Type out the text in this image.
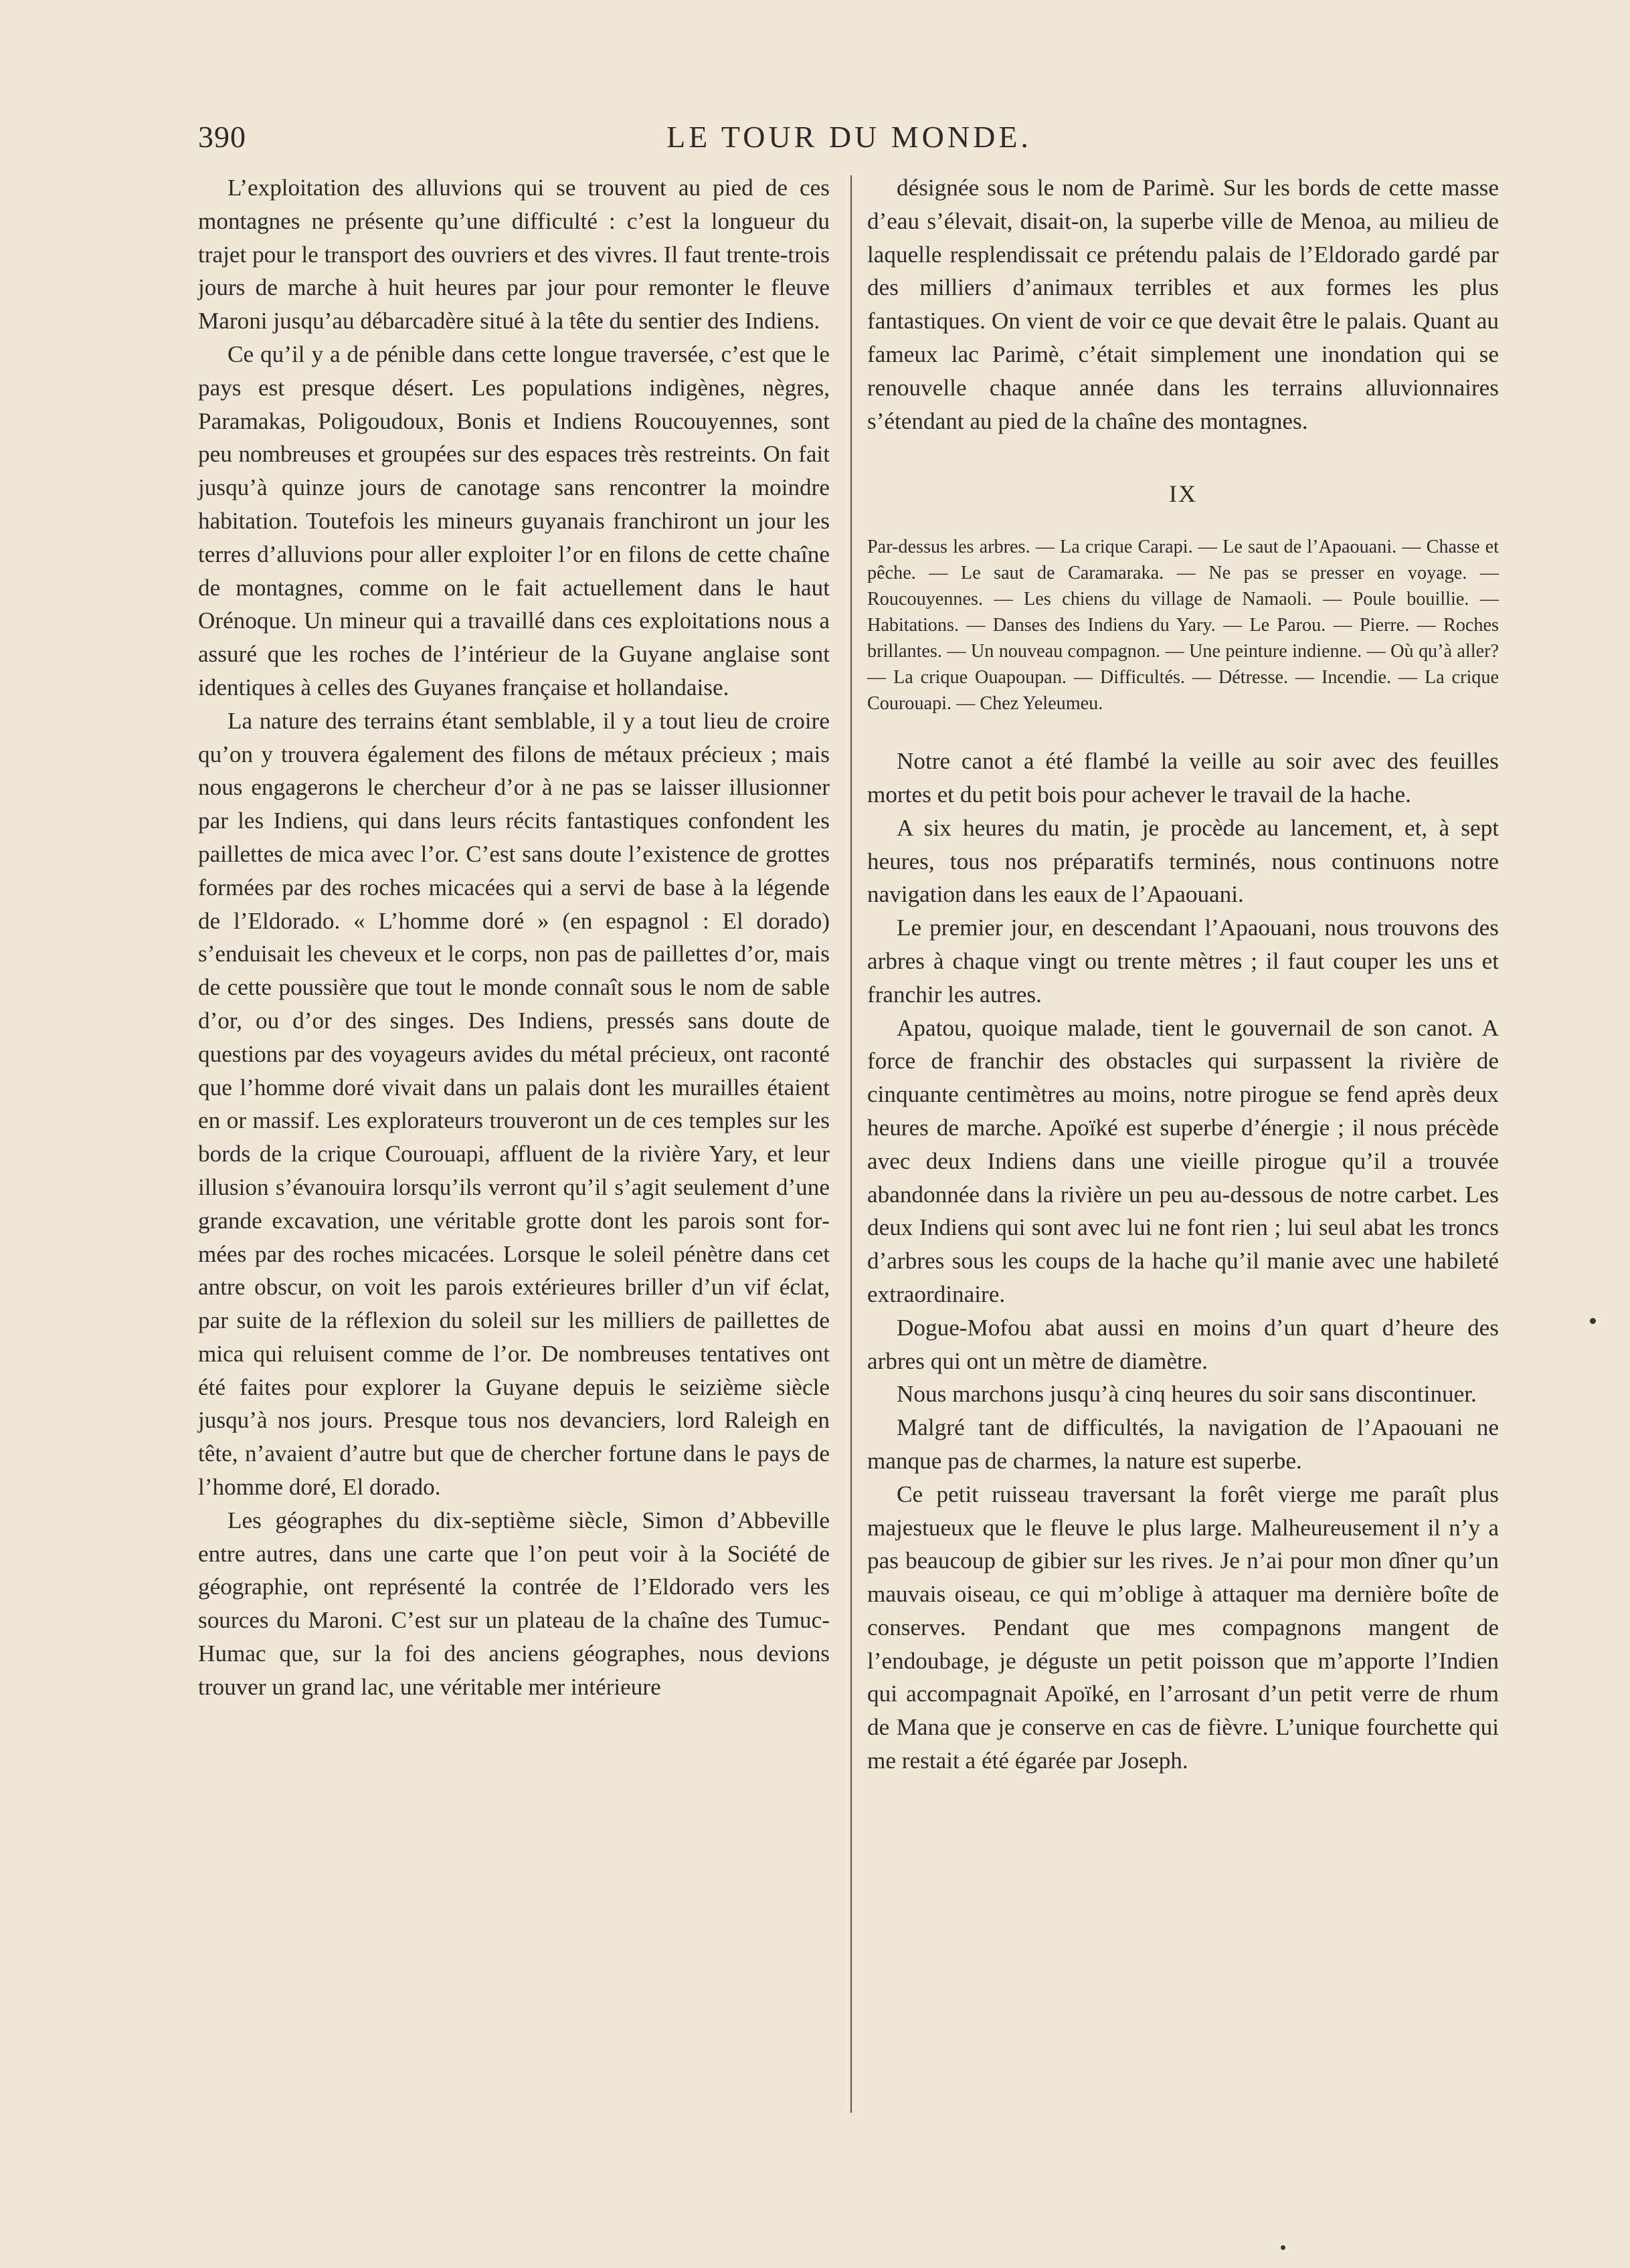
390	LE TOUR DU MONDE.

L’exploitation des alluvions qui se trouvent au pied de ces montagnes ne présente qu’une difficulté : c’est la longueur du trajet pour le transport des ouvriers et des vivres. Il faut trente-trois jours de marche à huit heures par jour pour remonter le fleuve Maroni jusqu’au débarcadère situé à la tête du sentier des Indiens.

Ce qu’il y a de pénible dans cette longue traversée, c’est que le pays est presque désert. Les populations indigènes, nègres, Paramakas, Poligoudoux, Bonis et Indiens Roucouyennes, sont peu nombreuses et groupées sur des espaces très restreints. On fait jusqu’à quinze jours de canotage sans rencontrer la moindre habitation. Toutefois les mineurs guyanais franchiront un jour les terres d’alluvions pour aller exploiter l’or en filons de cette chaîne de montagnes, comme on le fait actuellement dans le haut Orénoque. Un mineur qui a travaillé dans ces exploitations nous a assuré que les roches de l’intérieur de la Guyane anglaise sont identiques à celles des Guyanes française et hollandaise.

La nature des terrains étant semblable, il y a tout lieu de croire qu’on y trouvera également des filons de métaux précieux ; mais nous engagerons le chercheur d’or à ne pas se laisser illusionner par les Indiens, qui dans leurs récits fantastiques confondent les paillettes de mica avec l’or. C’est sans doute l’existence de grottes formées par des roches micacées qui a servi de base à la légende de l’Eldorado. « L’homme doré » (en espagnol : El dorado) s’enduisait les cheveux et le corps, non pas de paillettes d’or, mais de cette poussière que tout le monde connaît sous le nom de sable d’or, ou d’or des singes. Des Indiens, pressés sans doute de questions par des voyageurs avides du métal précieux, ont raconté que l’homme doré vivait dans un palais dont les murailles étaient en or massif. Les explorateurs trouveront un de ces temples sur les bords de la crique Courouapi, affluent de la rivière Yary, et leur illusion s’évanouira lorsqu’ils verront qu’il s’agit seulement d’une grande excavation, une véritable grotte dont les parois sont formées par des roches micacées. Lorsque le soleil pénètre dans cet antre obscur, on voit les parois extérieures briller d’un vif éclat, par suite de la réflexion du soleil sur les milliers de paillettes de mica qui reluisent comme de l’or. De nombreuses tentatives ont été faites pour explorer la Guyane depuis le seizième siècle jusqu’à nos jours. Presque tous nos devanciers, lord Raleigh en tête, n’avaient d’autre but que de chercher fortune dans le pays de l’homme doré, El dorado.

Les géographes du dix-septième siècle, Simon d’Abbeville entre autres, dans une carte que l’on peut voir à la Société de géographie, ont représenté la contrée de l’Eldorado vers les sources du Maroni. C’est sur un plateau de la chaîne des Tumuc-Humac que, sur la foi des anciens géographes, nous devions trouver un grand lac, une véritable mer intérieure

désignée sous le nom de Parimè. Sur les bords de cette masse d’eau s’élevait, disait-on, la superbe ville de Menoa, au milieu de laquelle resplendissait ce prétendu palais de l’Eldorado gardé par des milliers d’animaux terribles et aux formes les plus fantastiques. On vient de voir ce que devait être le palais. Quant au fameux lac Parimè, c’était simplement une inondation qui se renouvelle chaque année dans les terrains alluvionnaires s’étendant au pied de la chaîne des montagnes.

IX

Par-dessus les arbres. — La crique Carapi. — Le saut de l’Apaouani. — Chasse et pêche. — Le saut de Caramaraka. — Ne pas se presser en voyage. — Roucouyennes. — Les chiens du village de Namaoli. — Poule bouillie. — Habitations. — Danses des Indiens du Yary. — Le Parou. — Pierre. — Roches brillantes. — Un nouveau compagnon. — Une peinture indienne. — Où qu’à aller? — La crique Ouapoupan. — Difficultés. — Détresse. — Incendie. — La crique Courouapi. — Chez Yeleumeu.

Notre canot a été flambé la veille au soir avec des feuilles mortes et du petit bois pour achever le travail de la hache.

A six heures du matin, je procède au lancement, et, à sept heures, tous nos préparatifs terminés, nous continuons notre navigation dans les eaux de l’Apaouani.

Le premier jour, en descendant l’Apaouani, nous trouvons des arbres à chaque vingt ou trente mètres ; il faut couper les uns et franchir les autres.

Apatou, quoique malade, tient le gouvernail de son canot. A force de franchir des obstacles qui surpassent la rivière de cinquante centimètres au moins, notre pirogue se fend après deux heures de marche. Apoïké est superbe d’énergie ; il nous précède avec deux Indiens dans une vieille pirogue qu’il a trouvée abandonnée dans la rivière un peu au-dessous de notre carbet. Les deux Indiens qui sont avec lui ne font rien ; lui seul abat les troncs d’arbres sous les coups de la hache qu’il manie avec une habileté extraordinaire.

Dogue-Mofou abat aussi en moins d’un quart d’heure des arbres qui ont un mètre de diamètre.

Nous marchons jusqu’à cinq heures du soir sans discontinuer.

Malgré tant de difficultés, la navigation de l’Apaouani ne manque pas de charmes, la nature est superbe.

Ce petit ruisseau traversant la forêt vierge me paraît plus majestueux que le fleuve le plus large. Malheureusement il n’y a pas beaucoup de gibier sur les rives. Je n’ai pour mon dîner qu’un mauvais oiseau, ce qui m’oblige à attaquer ma dernière boîte de conserves. Pendant que mes compagnons mangent de l’endoubage, je déguste un petit poisson que m’apporte l’Indien qui accompagnait Apoïké, en l’arrosant d’un petit verre de rhum de Mana que je conserve en cas de fièvre. L’unique fourchette qui me restait a été égarée par Joseph.
